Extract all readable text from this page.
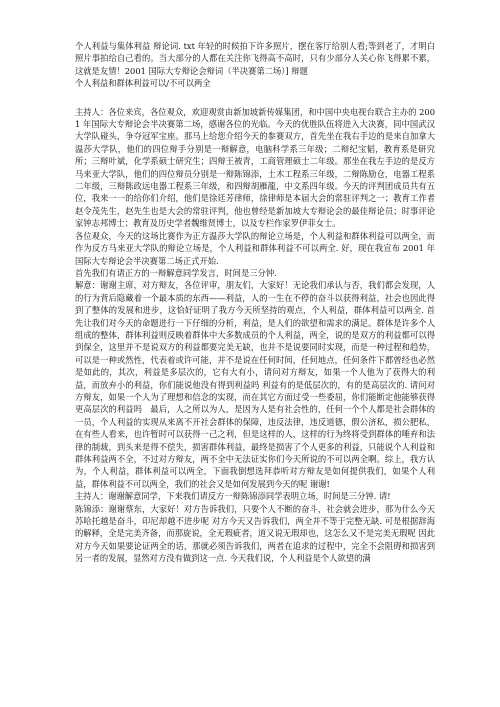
个人利益与集体利益 辩论词. txt 年轻的时候拍下许多照片，摆在客厅给别人看;等到老了，才明白照片事拍给自己看的。当大部分的人都在关注你飞得高不高时，只有少部分人关心你飞得累不累，这就是友情！2001 国际大专辩论会辩词（半决赛第二场）] 辩题

个人利益和群体利益可以/不可以两全

主持人：各位来宾，各位观众，欢迎观赏由新加坡新传媒集团，和中国中央电视台联合主办的 2001 年国际大专辩论会半决赛第二场，感谢各位的光临。今天的优胜队伍将进入大决赛，同中国武汉大学队碰头，争夺冠军宝座。那马上给您介绍今天的参赛双方，首先坐在我右手边的是来自加拿大温莎大学队，他们的四位辩手分别是一辩解意，电脑科学系三年级；二辩纪宝韬，教育系是研究所；三辩叶斌，化学系硕士研究生；四辩王被青，工商管理硕士二年级。那坐在我左手边的是反方马来亚大学队，他们的四位辩员分别是一辩陈锦添，土木工程系三年级，二辩陈励仓，电器工程系二年级，三辩陈政远电器工程系三年级，和四辩胡雁龍，中文系四年级。今天的评判团成员共有五位，我来一一的给你们介绍，他们是徐廷芳律师，徐律师是本届大会的常驻评判之一；教育工作者赵令茂先生，赵先生也是大会的常驻评判，他也曾经是新加坡大专辩论会的最佳辩论员；时事评论家钟志邦博士；教育及历史学者魏维贤博士，以及专栏作家罗伊菲女士。

各位观众，今天的这场比赛作为正方温莎大学队的辩论立场是，个人利益和群体利益可以两全，而作为反方马来亚大学队的辩论立场是，个人利益和群体利益不可以两全. 好，现在我宣布 2001 年国际大专辩论会半决赛第二场正式开始.

首先我们有请正方的一辩解意同学发言，时间是三分钟.

解意：谢谢主席，对方辩友，各位评审，朋友们，大家好！无论我们承认与否，我们都会发现，人的行为背后隐藏着一个最本质的东西——利益，人的一生在不停的奋斗以获得利益，社会也因此得到了整体的发展和进步，这恰好证明了我方今天所坚持的观点，个人利益，群体利益可以两全. 首先让我们对今天的命题进行一下仔细的分析，利益，是人们的欲望和需求的满足。群体是许多个人组成的整体，群体利益则反映着群体中大多数成员的个人利益，两全，说的是双方的利益都可以得到保全，这里并不是说双方的利益都要完美无缺，也并不是说要同时实现，而是一种过程和趋势，可以是一种或然性，代表着或许可能，并不是说在任何时间，任何地点，任何条件下都曾经也必然是如此的，其次，利益是多层次的，它有大有小，请问对方辩友，如果一个人他为了获得大的利益，而放弃小的利益，你们能说他没有得到利益吗 利益有的是低层次的，有的是高层次的. 请问对方辩友，如果一个人为了理想和信念的实现，而在其它方面过受一些委屈，你们能断定他能够获得更高层次的利益吗　最后，人之所以为人，是因为人是有社会性的，任何一个个人都是社会群体的一员，个人利益的实现从来离不开社会群体的保障，违反法律，违反道德，假公济私，损公肥私，在有些人看来，也许暂时可以获得一己之利，但是这样的人，这样的行为终将受到群体的唾弃和法律的制裁，到头来是得不偿失，损害群体利益，最终是损害了个人更多的利益，只能说个人利益和群体利益两不全，不过对方辩友，两不全中无法证实你们今天所说的不可以两全啊。综上，我方认为，个人利益，群体利益可以两全，下面我倒想选拜恭听对方辩友是如何提供我们，如果个人利益，群体利益不可以两全，我们的社会又是如何发展到今天的呢 谢谢!

主持人：谢谢解意同学，下来我们请反方一辩陈锦添同学表明立场，时间是三分钟. 请!

陈锦添：谢谢蔡东，大家好！对方告诉我们，只要个人不断的奋斗，社会就会进步，那为什么今天苏哈托越是奋斗，印尼却越不进步呢 对方今天又告诉我们，两全并不等于完整无缺. 可是根据辞海的解释，全是完美齐备，而那旋说，全无瑕疵者，道又说无瑕却也，这怎么又不是完美无瑕呢 因此对方今天如果要论证两全的话，那就必须告诉我们，两者在追求的过程中，完全不会阻碍和损害到另一者的发展，显然对方没有做到这一点. 今天我们说，个人利益是个人欲望的满
